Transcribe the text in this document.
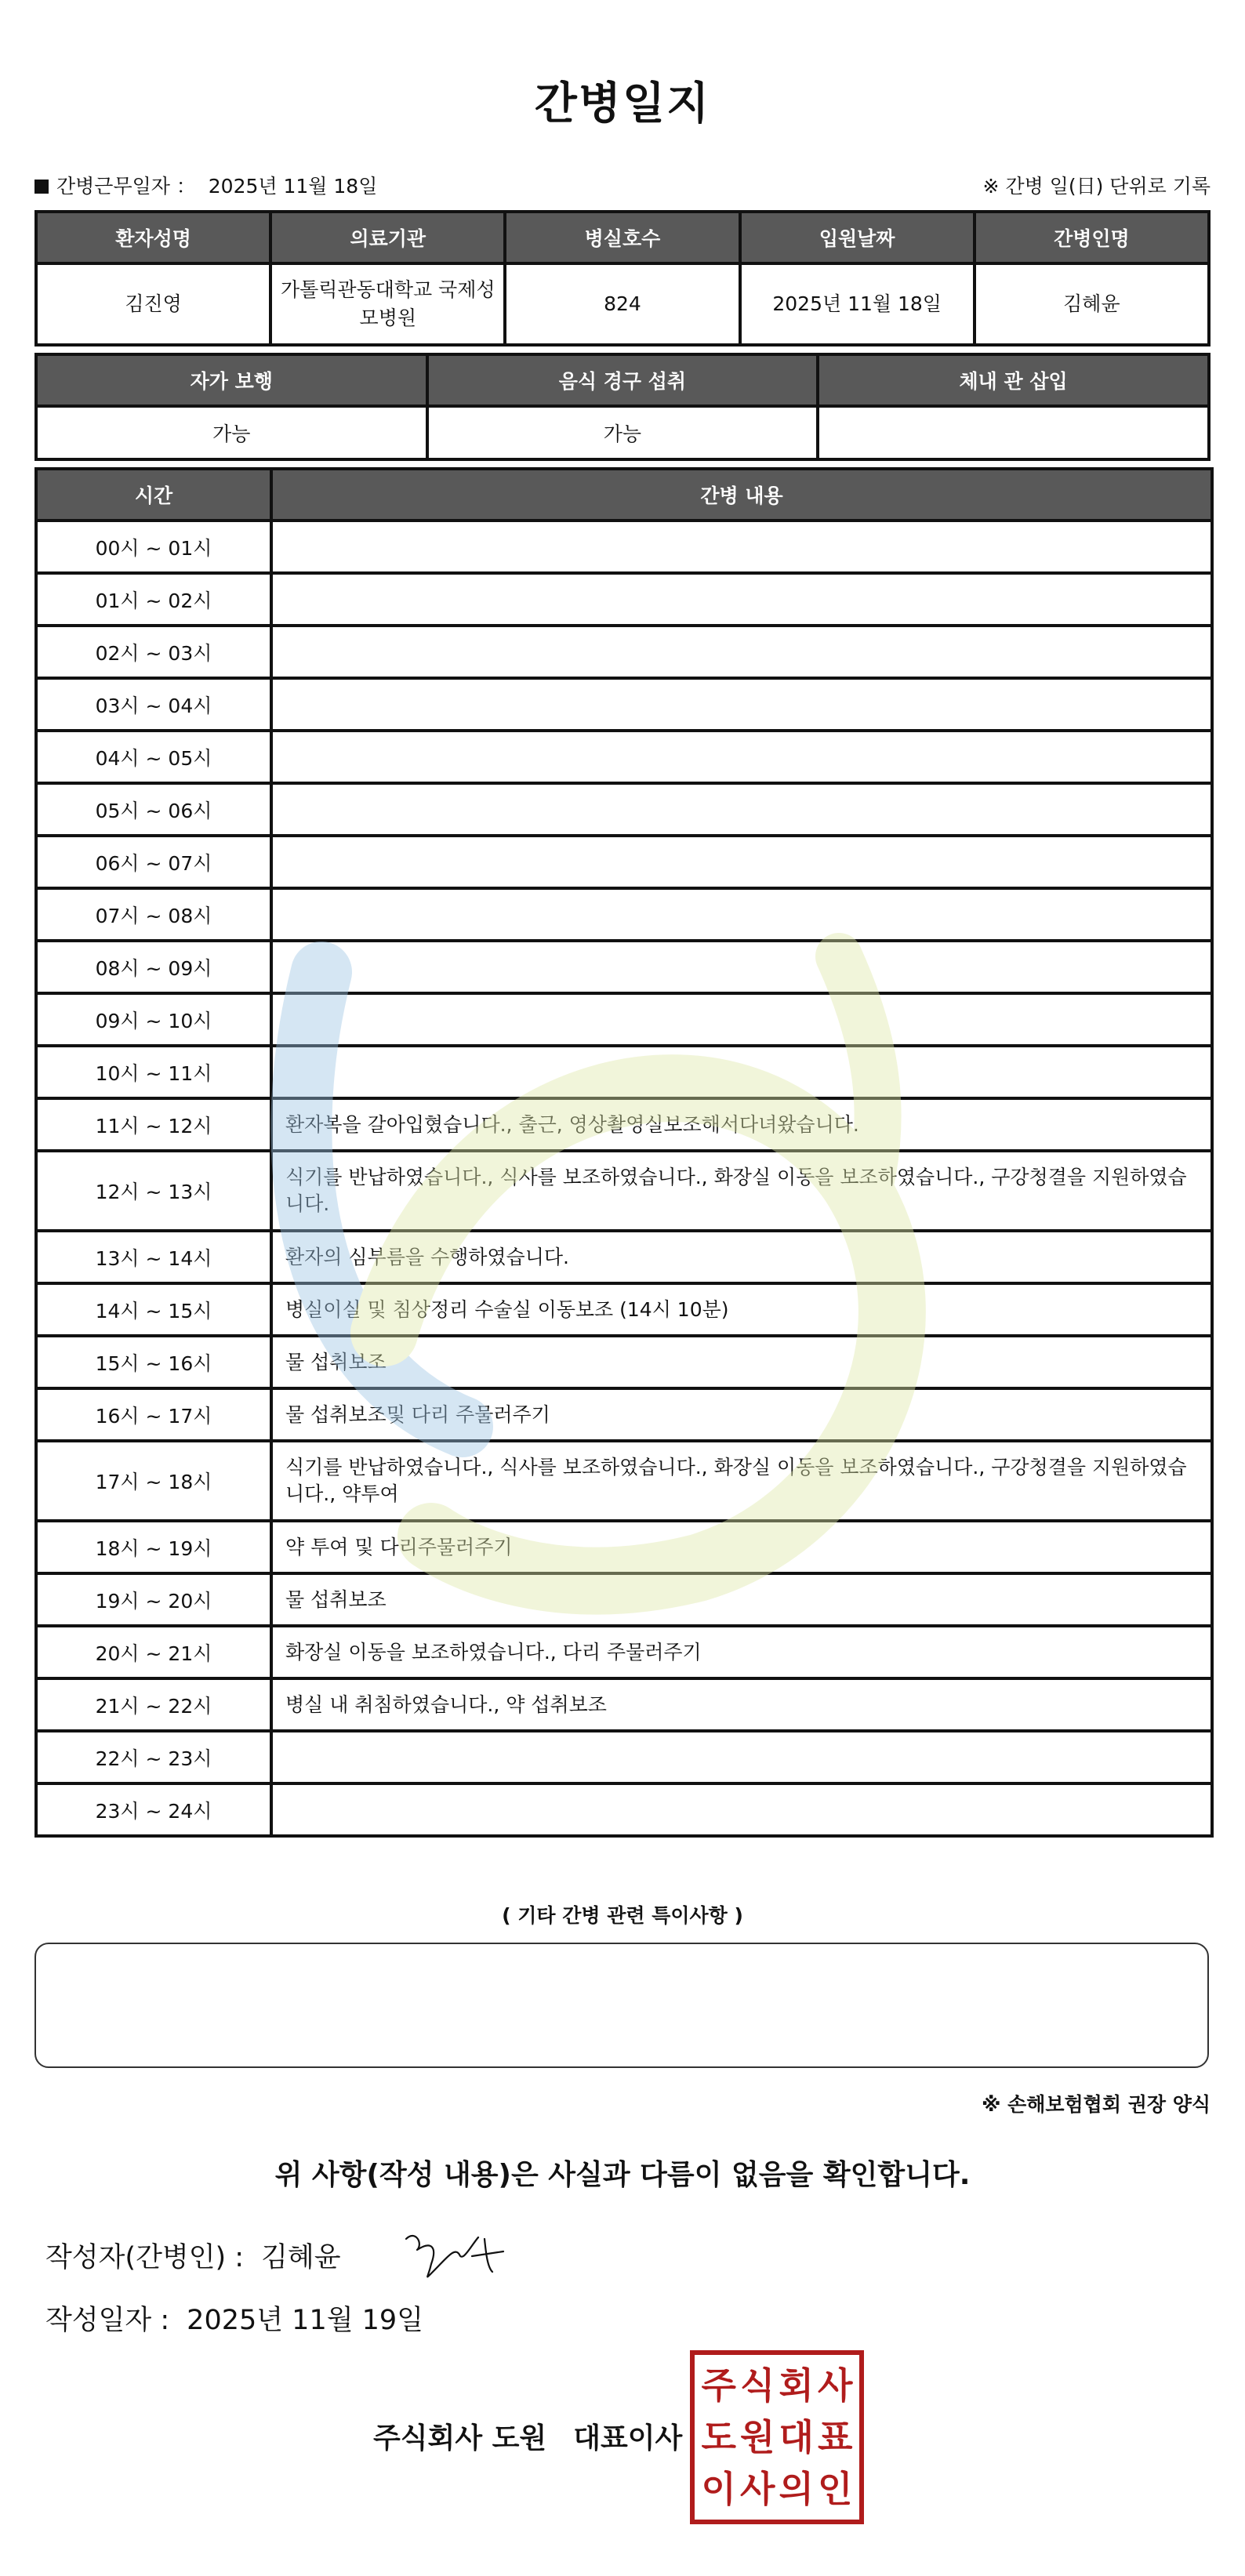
간병일지
간병근무일자 ： 2025년 11월 18일	※ 간병 일(日) 단위로 기록
환자성명	의료기관	병실호수	입원날짜	간병인명
김진영	가톨릭관동대학교 국제성모병원	824	2025년 11월 18일	김혜윤
자가 보행	음식 경구 섭취	체내 관 삽입
가능	가능	
시간	간병 내용
00시 ~ 01시	
01시 ~ 02시	
02시 ~ 03시	
03시 ~ 04시	
04시 ~ 05시	
05시 ~ 06시	
06시 ~ 07시	
07시 ~ 08시	
08시 ~ 09시	
09시 ~ 10시	
10시 ~ 11시	
11시 ~ 12시	환자복을 갈아입혔습니다., 출근, 영상촬영실보조해서다녀왔습니다.
12시 ~ 13시	식기를 반납하였습니다., 식사를 보조하였습니다., 화장실 이동을 보조하였습니다., 구강청결을 지원하였습니다.
13시 ~ 14시	환자의 심부름을 수행하였습니다.
14시 ~ 15시	병실이실 및 침상정리 수술실 이동보조 (14시 10분)
15시 ~ 16시	물 섭취보조
16시 ~ 17시	물 섭취보조및 다리 주물러주기
17시 ~ 18시	식기를 반납하였습니다., 식사를 보조하였습니다., 화장실 이동을 보조하였습니다., 구강청결을 지원하였습니다., 약투여
18시 ~ 19시	약 투여 및 다리주물러주기
19시 ~ 20시	물 섭취보조
20시 ~ 21시	화장실 이동을 보조하였습니다., 다리 주물러주기
21시 ~ 22시	병실 내 취침하였습니다., 약 섭취보조
22시 ~ 23시	
23시 ~ 24시	
( 기타 간병 관련 특이사항 )
※ 손해보험협회 권장 양식
위 사항(작성 내용)은 사실과 다름이 없음을 확인합니다.
작성자(간병인) : 김혜윤
작성일자 : 2025년 11월 19일
주식회사 도원 대표이사
주 식 회 사
도 원 대 표
이 사 의 인
